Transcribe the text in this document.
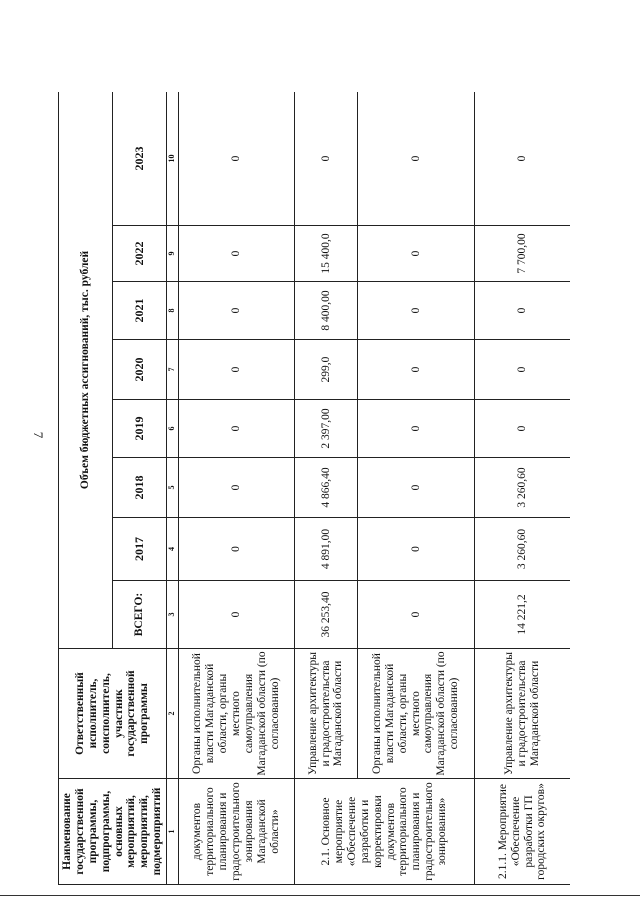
7
Наименование государственной программы, подпрограммы, основных мероприятий, мероприятий, подмероприятий	Ответственный исполнитель, соисполнитель, участник государственной программы	Объем бюджетных ассигнований, тыс. рублей							
		ВСЕГО:	2017	2018	2019	2020	2021	2022	2023
1	2	3	4	5	6	7	8	9	10
документов территориального планирования и градостроительного зонирования Магаданской области»	Органы исполнительной власти Магаданской области, органы местного самоуправления Магаданской области (по согласованию)	0	0	0	0	0	0	0	0
2.1. Основное мероприятие «Обеспечение разработки и корректировки документов территориального планирования и градостроительного зонирования»	Управление архитектуры и градостроительства Магаданской области	36 253,40	4 891,00	4 866,40	2 397,00	299,0	8 400,00	15 400,0	0
	Органы исполнительной власти Магаданской области, органы местного самоуправления Магаданской области (по согласованию)	0	0	0	0	0	0	0	0
2.1.1. Мероприятие «Обеспечение разработки ГП городских округов»	Управление архитектуры и градостроительства Магаданской области	14 221,2	3 260,60	3 260,60	0	0	0	7 700,00	0
